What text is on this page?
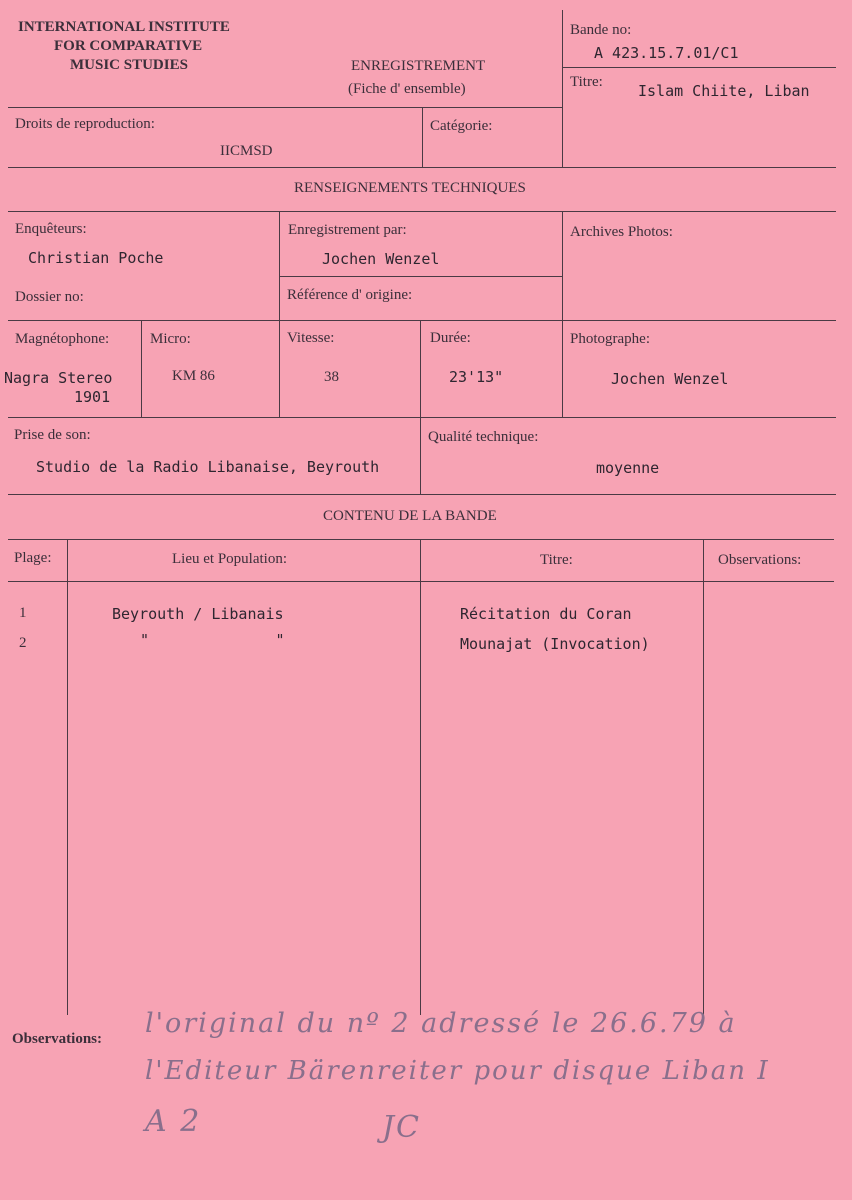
INTERNATIONAL INSTITUTE
FOR COMPARATIVE
MUSIC STUDIES	ENREGISTREMENT
(Fiche d' ensemble)
Bande no:
A 423.15.7.01/C1
Titre: Islam Chiite, Liban
Droits de reproduction:
IICMSD
Catégorie:
RENSEIGNEMENTS TECHNIQUES
Enquêteurs:
Christian Poche
Enregistrement par:
Jochen Wenzel
Archives Photos:
Dossier no:	Référence d' origine:
Magnétophone:
Nagra Stereo
1901
Micro:
KM 86
Vitesse:
38
Durée:
23'13"
Photographe:
Jochen Wenzel
Prise de son:
Studio de la Radio Libanaise, Beyrouth
Qualité technique:
moyenne
CONTENU DE LA BANDE
Plage:	Lieu et Population:	Titre:	Observations:
1	Beyrouth / Libanais	Récitation du Coran
2	"              "	Mounajat (Invocation)
Observations: l'original du nº 2 adressé le 26.6.79 à
l'Editeur Bärenreiter pour disque Liban I
A 2	JC
